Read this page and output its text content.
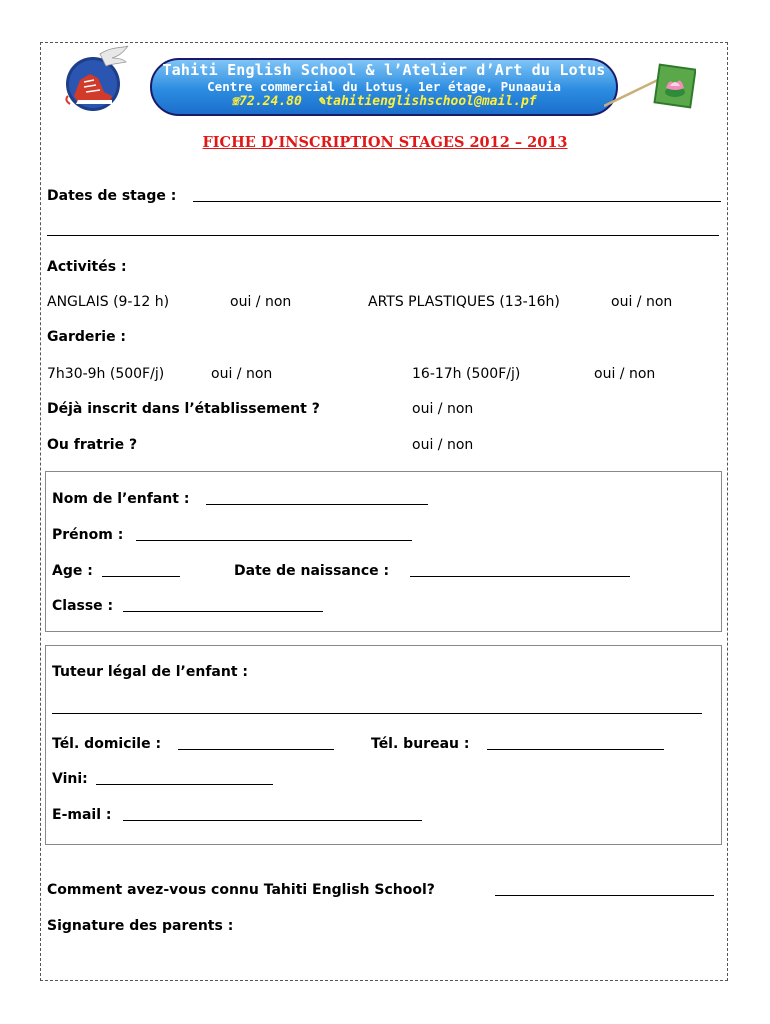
Tahiti English School & l’Atelier d’Art du Lotus
Centre commercial du Lotus, 1er étage, Punaauia
☏72.24.80 ✎tahitienglishschool@mail.pf
FICHE D’INSCRIPTION STAGES 2012 – 2013
Dates de stage :
Activités :
ANGLAIS (9-12 h)	oui / non	ARTS PLASTIQUES (13-16h)	oui / non
Garderie :
7h30-9h (500F/j)	oui / non	16-17h (500F/j)	oui / non
Déjà inscrit dans l’établissement ?	oui / non
Ou fratrie ?	oui / non
Nom de l’enfant :
Prénom :
Age :	Date de naissance :
Classe :
Tuteur légal de l’enfant :
Tél. domicile :	Tél. bureau :
Vini:
E-mail :
Comment avez-vous connu Tahiti English School?
Signature des parents :
